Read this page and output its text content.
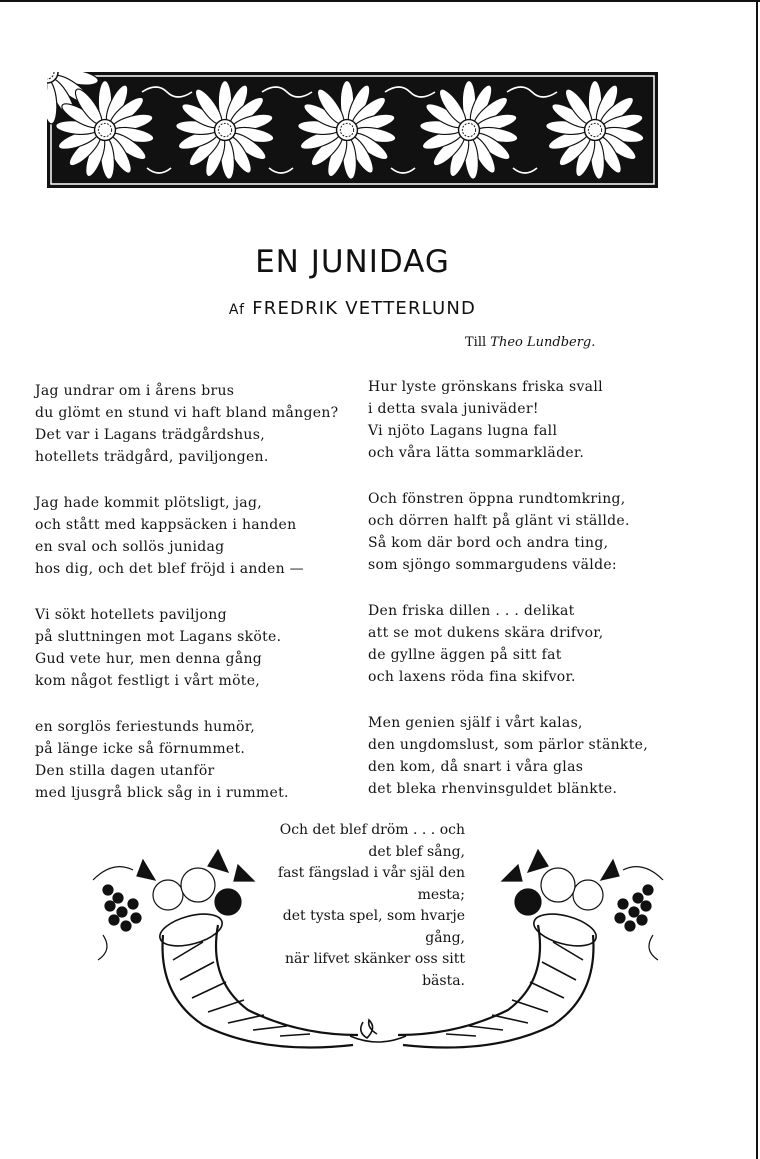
EN JUNIDAG
Af FREDRIK VETTERLUND
Till Theo Lundberg.
Jag undrar om i årens brus
du glömt en stund vi haft bland mången?
Det var i Lagans trädgårdshus,
hotellets trädgård, paviljongen.
Jag hade kommit plötsligt, jag,
och stått med kappsäcken i handen
en sval och sollös junidag
hos dig, och det blef fröjd i anden —
Vi sökt hotellets paviljong
på sluttningen mot Lagans sköte.
Gud vete hur, men denna gång
kom något festligt i vårt möte,
en sorglös feriestunds humör,
på länge icke så förnummet.
Den stilla dagen utanför
med ljusgrå blick såg in i rummet.
Hur lyste grönskans friska svall
i detta svala juniväder!
Vi njöto Lagans lugna fall
och våra lätta sommarkläder.
Och fönstren öppna rundtomkring,
och dörren halft på glänt vi ställde.
Så kom där bord och andra ting,
som sjöngo sommargudens välde:
Den friska dillen . . . delikat
att se mot dukens skära drifvor,
de gyllne äggen på sitt fat
och laxens röda fina skifvor.
Men genien själf i vårt kalas,
den ungdomslust, som pärlor stänkte,
den kom, då snart i våra glas
det bleka rhenvinsguldet blänkte.
Och det blef dröm . . . och
det blef sång,
fast fängslad i vår själ den
mesta;
det tysta spel, som hvarje
gång,
när lifvet skänker oss sitt
bästa.
